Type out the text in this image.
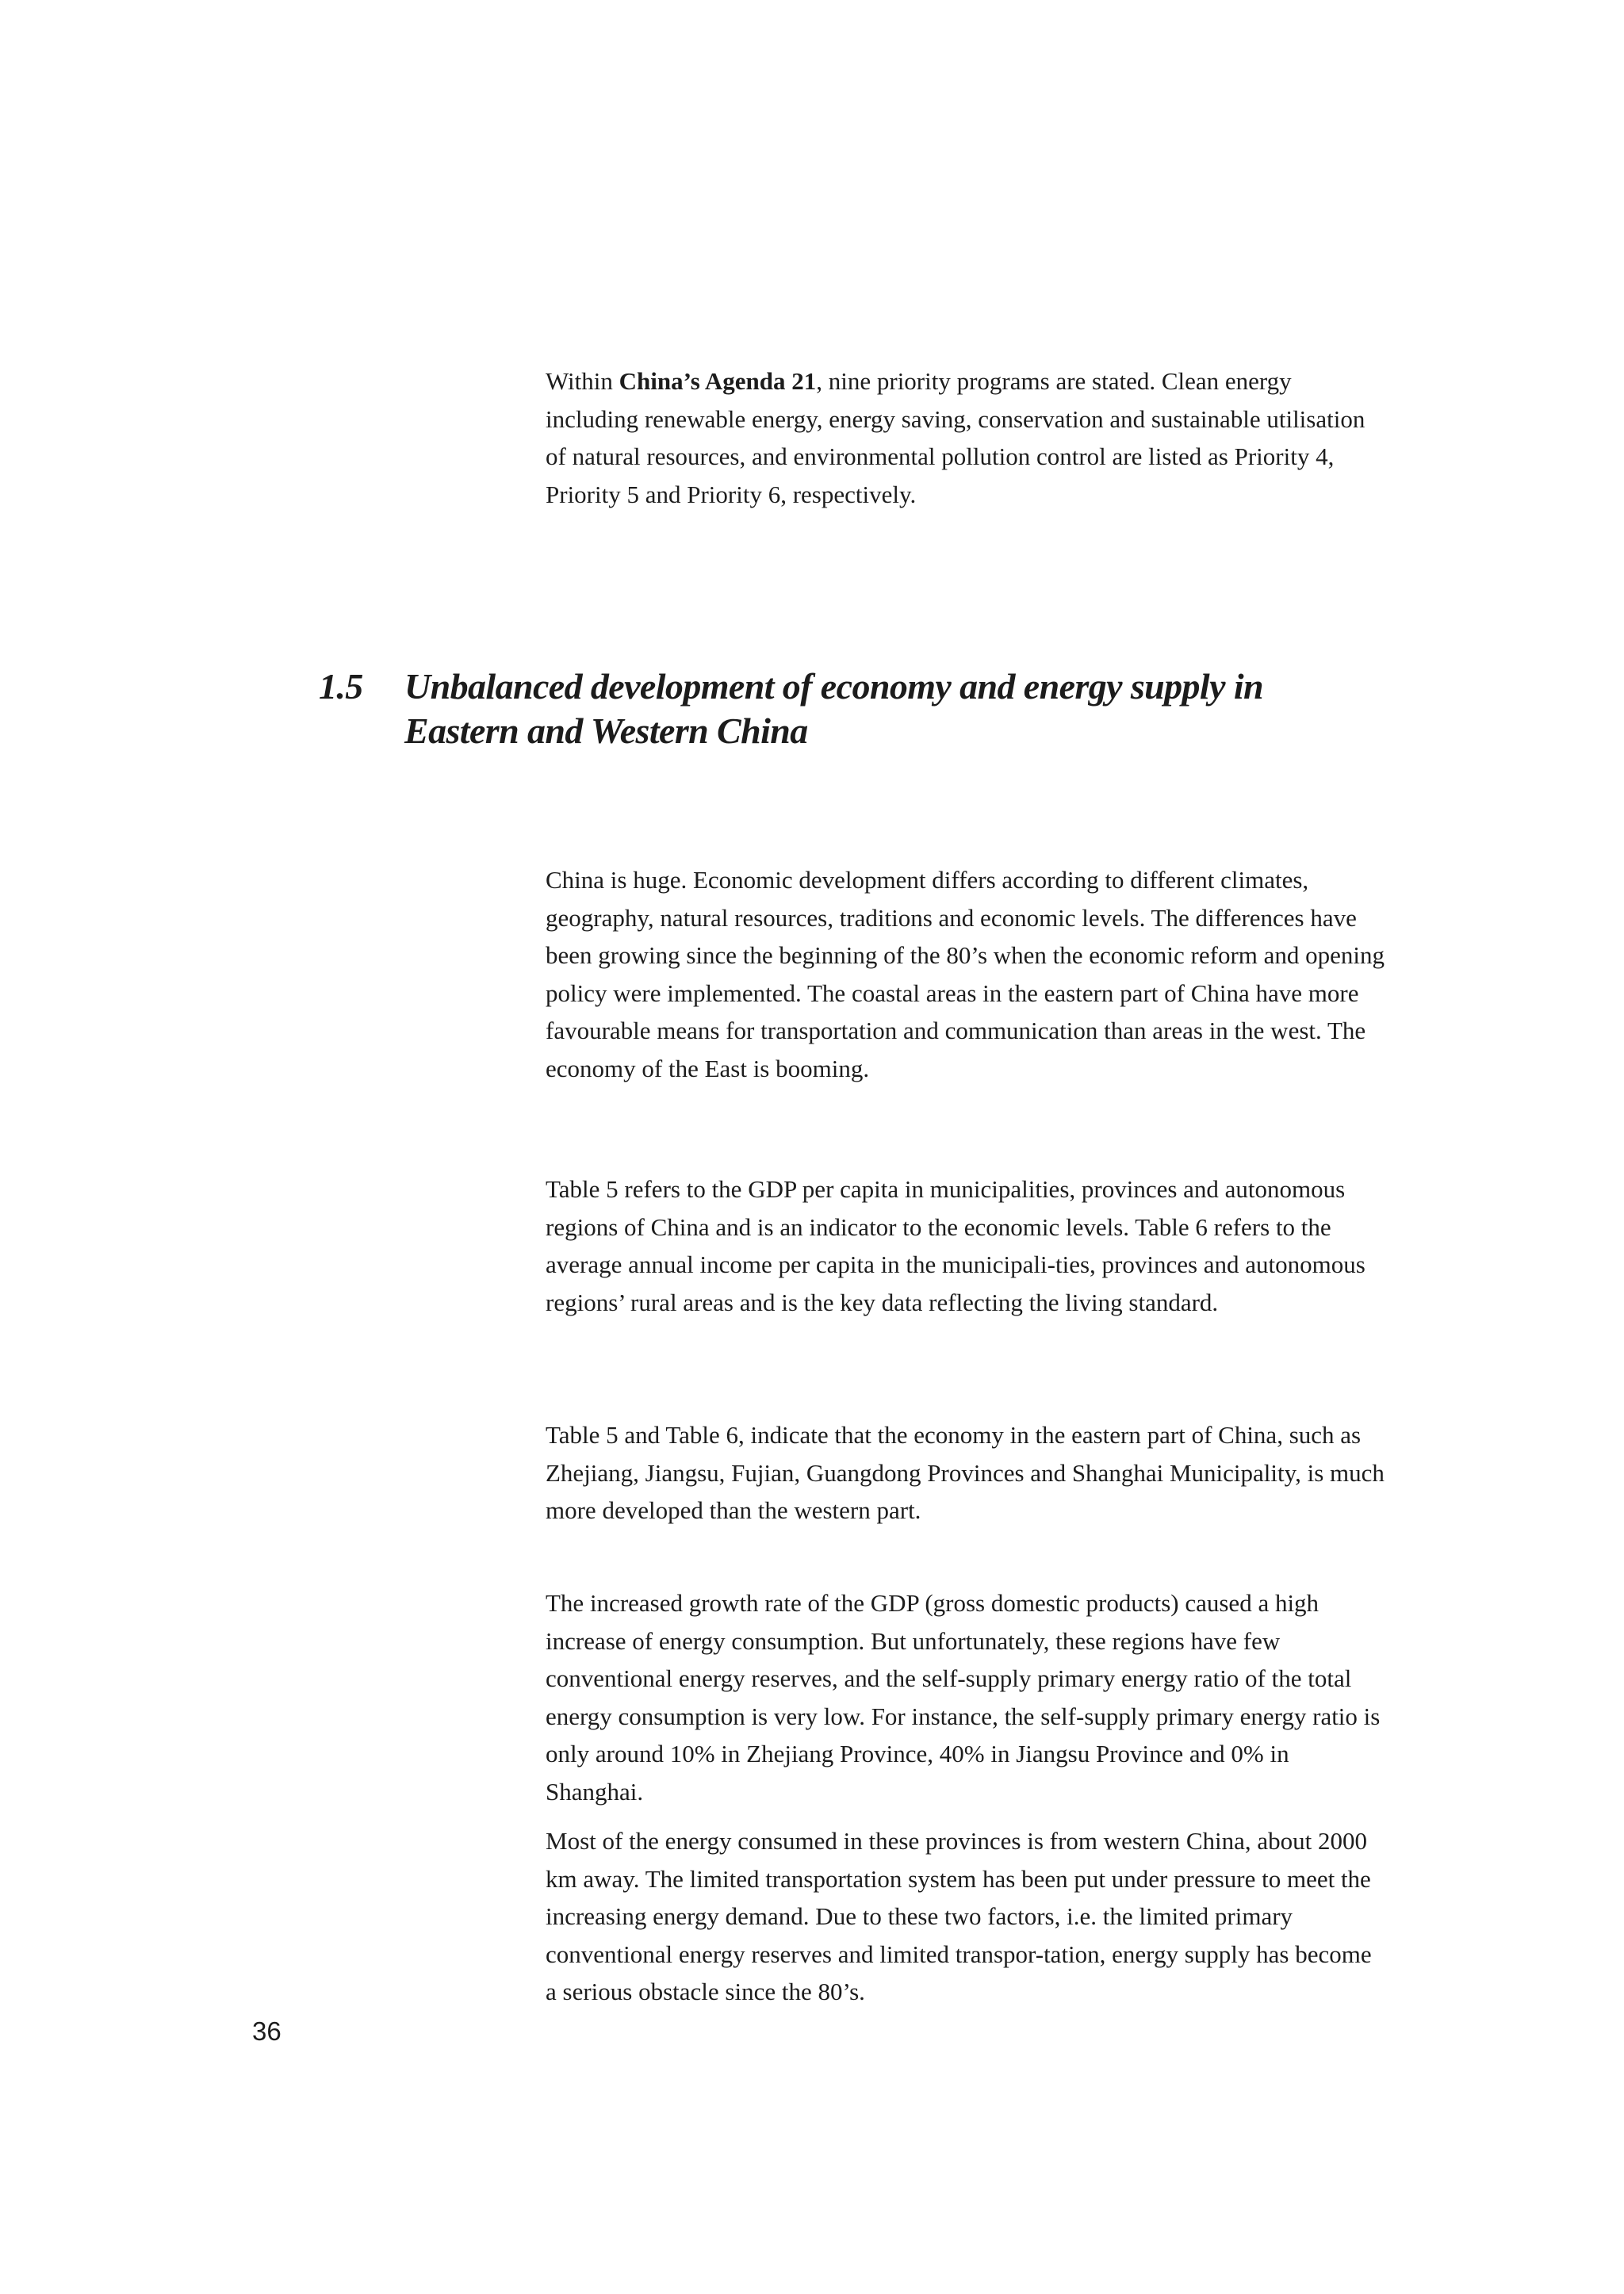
Within China’s Agenda 21, nine priority programs are stated. Clean energy including renewable energy, energy saving, conservation and sustainable utilisation of natural resources, and environmental pollution control are listed as Priority 4, Priority 5 and Priority 6, respectively.

1.5 Unbalanced development of economy and energy supply in
Eastern and Western China

China is huge. Economic development differs according to different climates, geography, natural resources, traditions and economic levels. The differences have been growing since the beginning of the 80’s when the economic reform and opening policy were implemented. The coastal areas in the eastern part of China have more favourable means for transportation and communication than areas in the west. The economy of the East is booming.

Table 5 refers to the GDP per capita in municipalities, provinces and autonomous regions of China and is an indicator to the economic levels. Table 6 refers to the average annual income per capita in the municipali-ties, provinces and autonomous regions’ rural areas and is the key data reflecting the living standard.

Table 5 and Table 6, indicate that the economy in the eastern part of China, such as Zhejiang, Jiangsu, Fujian, Guangdong Provinces and Shanghai Municipality, is much more developed than the western part.

The increased growth rate of the GDP (gross domestic products) caused a high increase of energy consumption. But unfortunately, these regions have few conventional energy reserves, and the self-supply primary energy ratio of the total energy consumption is very low. For instance, the self-supply primary energy ratio is only around 10% in Zhejiang Province, 40% in Jiangsu Province and 0% in Shanghai.

Most of the energy consumed in these provinces is from western China, about 2000 km away. The limited transportation system has been put under pressure to meet the increasing energy demand. Due to these two factors, i.e. the limited primary conventional energy reserves and limited transpor-tation, energy supply has become a serious obstacle since the 80’s.

36
